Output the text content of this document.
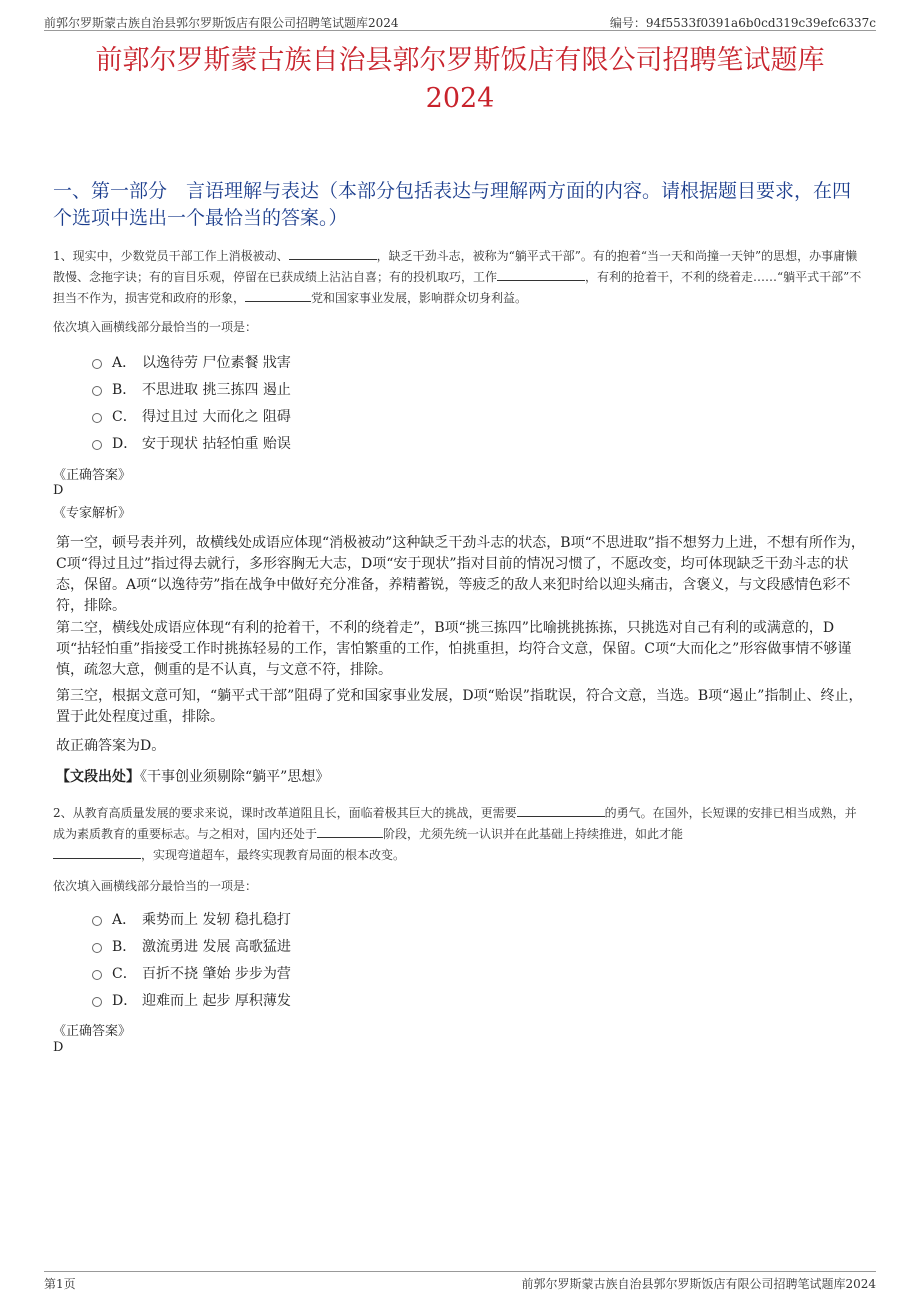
前郭尔罗斯蒙古族自治县郭尔罗斯饭店有限公司招聘笔试题库2024	编号：94f5533f0391a6b0cd319c39efc6337c
前郭尔罗斯蒙古族自治县郭尔罗斯饭店有限公司招聘笔试题库
2024
一、第一部分　言语理解与表达（本部分包括表达与理解两方面的内容。请根据题目要求，在四个选项中选出一个最恰当的答案。）
1、现实中，少数党员干部工作上消极被动、	，缺乏干劲斗志，被称为“躺平式干部”。有的抱着“当一天和尚撞一天钟”的思想，办事庸懒散慢、念拖字诀；有的盲目乐观，停留在已获成绩上沾沾自喜；有的投机取巧，工作	，有利的抢着干，不利的绕着走……“躺平式干部”不担当不作为，损害党和政府的形象，	党和国家事业发展，影响群众切身利益。
依次填入画横线部分最恰当的一项是：
A． 以逸待劳 尸位素餐 戕害
B． 不思进取 挑三拣四 遏止
C． 得过且过 大而化之 阻碍
D． 安于现状 拈轻怕重 贻误
《正确答案》
D
《专家解析》
第一空，顿号表并列，故横线处成语应体现“消极被动”这种缺乏干劲斗志的状态，B项“不思进取”指不想努力上进，不想有所作为，C项“得过且过”指过得去就行，多形容胸无大志，D项“安于现状”指对目前的情况习惯了，不愿改变，均可体现缺乏干劲斗志的状态，保留。A项“以逸待劳”指在战争中做好充分准备，养精蓄锐，等疲乏的敌人来犯时给以迎头痛击，含褒义，与文段感情色彩不符，排除。
第二空，横线处成语应体现“有利的抢着干，不利的绕着走”，B项“挑三拣四”比喻挑挑拣拣，只挑选对自己有利的或满意的，D项“拈轻怕重”指接受工作时挑拣轻易的工作，害怕繁重的工作，怕挑重担，均符合文意，保留。C项“大而化之”形容做事情不够谨慎，疏忽大意，侧重的是不认真，与文意不符，排除。
第三空，根据文意可知，“躺平式干部”阻碍了党和国家事业发展，D项“贻误”指耽误，符合文意，当选。B项“遏止”指制止、终止，置于此处程度过重，排除。
故正确答案为D。
【文段出处】《干事创业须剔除“躺平”思想》
2、从教育高质量发展的要求来说，课时改革道阻且长，面临着极其巨大的挑战，更需要	的勇气。在国外，长短课的安排已相当成熟，并成为素质教育的重要标志。与之相对，国内还处于	阶段，尤须先统一认识并在此基础上持续推进，如此才能
，实现弯道超车，最终实现教育局面的根本改变。
依次填入画横线部分最恰当的一项是：
A． 乘势而上 发轫 稳扎稳打
B． 激流勇进 发展 高歌猛进
C． 百折不挠 肇始 步步为营
D． 迎难而上 起步 厚积薄发
《正确答案》
D
第1页	前郭尔罗斯蒙古族自治县郭尔罗斯饭店有限公司招聘笔试题库2024
